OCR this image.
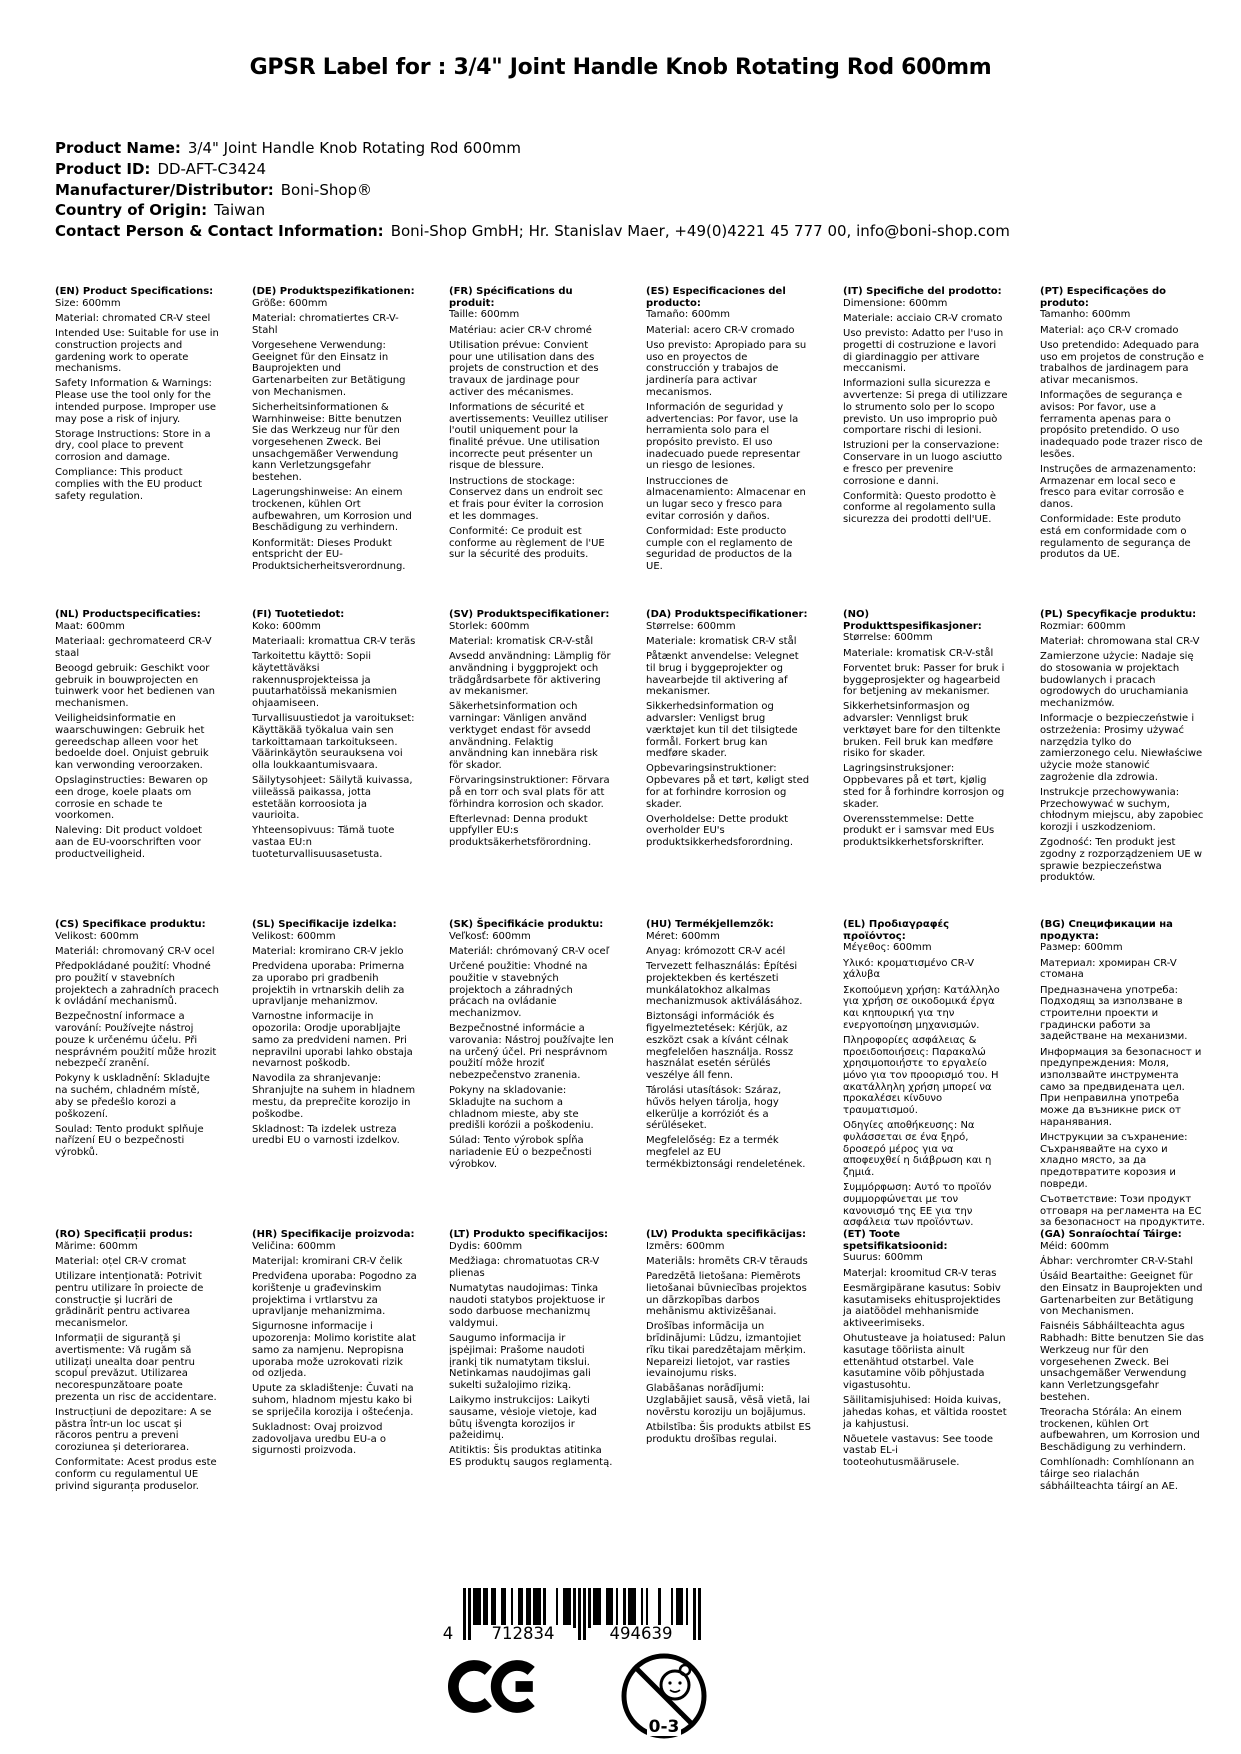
GPSR Label for : 3/4" Joint Handle Knob Rotating Rod 600mm
Product Name: 3/4" Joint Handle Knob Rotating Rod 600mm
Product ID: DD-AFT-C3424
Manufacturer/Distributor: Boni-Shop®
Country of Origin: Taiwan
Contact Person & Contact Information: Boni-Shop GmbH; Hr. Stanislav Maer, +49(0)4221 45 777 00, info@boni-shop.com

(EN) Product Specifications:

Size: 600mm

Material: chromated CR-V steel

Intended Use: Suitable for use in construction projects and gardening work to operate mechanisms.

Safety Information & Warnings: Please use the tool only for the intended purpose. Improper use may pose a risk of injury.

Storage Instructions: Store in a dry, cool place to prevent corrosion and damage.

Compliance: This product complies with the EU product safety regulation.

(DE) Produktspezifikationen:

Größe: 600mm

Material: chromatiertes CR-V-Stahl

Vorgesehene Verwendung: Geeignet für den Einsatz in Bauprojekten und Gartenarbeiten zur Betätigung von Mechanismen.

Sicherheitsinformationen & Warnhinweise: Bitte benutzen Sie das Werkzeug nur für den vorgesehenen Zweck. Bei unsachgemäßer Verwendung kann Verletzungsgefahr bestehen.

Lagerungshinweise: An einem trockenen, kühlen Ort aufbewahren, um Korrosion und Beschädigung zu verhindern.

Konformität: Dieses Produkt entspricht der EU-Produktsicherheitsverordnung.

(FR) Spécifications du produit:

Taille: 600mm

Matériau: acier CR-V chromé

Utilisation prévue: Convient pour une utilisation dans des projets de construction et des travaux de jardinage pour activer des mécanismes.

Informations de sécurité et avertissements: Veuillez utiliser l'outil uniquement pour la finalité prévue. Une utilisation incorrecte peut présenter un risque de blessure.

Instructions de stockage: Conservez dans un endroit sec et frais pour éviter la corrosion et les dommages.

Conformité: Ce produit est conforme au règlement de l'UE sur la sécurité des produits.

(ES) Especificaciones del producto:

Tamaño: 600mm

Material: acero CR-V cromado

Uso previsto: Apropiado para su uso en proyectos de construcción y trabajos de jardinería para activar mecanismos.

Información de seguridad y advertencias: Por favor, use la herramienta solo para el propósito previsto. El uso inadecuado puede representar un riesgo de lesiones.

Instrucciones de almacenamiento: Almacenar en un lugar seco y fresco para evitar corrosión y daños.

Conformidad: Este producto cumple con el reglamento de seguridad de productos de la UE.

(IT) Specifiche del prodotto:

Dimensione: 600mm

Materiale: acciaio CR-V cromato

Uso previsto: Adatto per l'uso in progetti di costruzione e lavori di giardinaggio per attivare meccanismi.

Informazioni sulla sicurezza e avvertenze: Si prega di utilizzare lo strumento solo per lo scopo previsto. Un uso improprio può comportare rischi di lesioni.

Istruzioni per la conservazione: Conservare in un luogo asciutto e fresco per prevenire corrosione e danni.

Conformità: Questo prodotto è conforme al regolamento sulla sicurezza dei prodotti dell'UE.

(PT) Especificações do produto:

Tamanho: 600mm

Material: aço CR-V cromado

Uso pretendido: Adequado para uso em projetos de construção e trabalhos de jardinagem para ativar mecanismos.

Informações de segurança e avisos: Por favor, use a ferramenta apenas para o propósito pretendido. O uso inadequado pode trazer risco de lesões.

Instruções de armazenamento: Armazenar em local seco e fresco para evitar corrosão e danos.

Conformidade: Este produto está em conformidade com o regulamento de segurança de produtos da UE.

(NL) Productspecificaties:

Maat: 600mm

Materiaal: gechromateerd CR-V staal

Beoogd gebruik: Geschikt voor gebruik in bouwprojecten en tuinwerk voor het bedienen van mechanismen.

Veiligheidsinformatie en waarschuwingen: Gebruik het gereedschap alleen voor het bedoelde doel. Onjuist gebruik kan verwonding veroorzaken.

Opslaginstructies: Bewaren op een droge, koele plaats om corrosie en schade te voorkomen.

Naleving: Dit product voldoet aan de EU-voorschriften voor productveiligheid.

(FI) Tuotetiedot:

Koko: 600mm

Materiaali: kromattua CR-V teräs

Tarkoitettu käyttö: Sopii käytettäväksi rakennusprojekteissa ja puutarhatöissä mekanismien ohjaamiseen.

Turvallisuustiedot ja varoitukset: Käyttäkää työkalua vain sen tarkoittamaan tarkoitukseen. Väärinkäytön seurauksena voi olla loukkaantumisvaara.

Säilytysohjeet: Säilytä kuivassa, viileässä paikassa, jotta estetään korroosiota ja vaurioita.

Yhteensopivuus: Tämä tuote vastaa EU:n tuoteturvallisuusasetusta.

(SV) Produktspecifikationer:

Storlek: 600mm

Material: kromatisk CR-V-stål

Avsedd användning: Lämplig för användning i byggprojekt och trädgårdsarbete för aktivering av mekanismer.

Säkerhetsinformation och varningar: Vänligen använd verktyget endast för avsedd användning. Felaktig användning kan innebära risk för skador.

Förvaringsinstruktioner: Förvara på en torr och sval plats för att förhindra korrosion och skador.

Efterlevnad: Denna produkt uppfyller EU:s produktsäkerhetsförordning.

(DA) Produktspecifikationer:

Størrelse: 600mm

Materiale: kromatisk CR-V stål

Påtænkt anvendelse: Velegnet til brug i byggeprojekter og havearbejde til aktivering af mekanismer.

Sikkerhedsinformation og advarsler: Venligst brug værktøjet kun til det tilsigtede formål. Forkert brug kan medføre skader.

Opbevaringsinstruktioner: Opbevares på et tørt, køligt sted for at forhindre korrosion og skader.

Overholdelse: Dette produkt overholder EU's produktsikkerhedsforordning.

(NO) Produkttspesifikasjoner:

Størrelse: 600mm

Materiale: kromatisk CR-V-stål

Forventet bruk: Passer for bruk i byggeprosjekter og hagearbeid for betjening av mekanismer.

Sikkerhetsinformasjon og advarsler: Vennligst bruk verktøyet bare for den tiltenkte bruken. Feil bruk kan medføre risiko for skader.

Lagringsinstruksjoner: Oppbevares på et tørt, kjølig sted for å forhindre korrosjon og skader.

Overensstemmelse: Dette produkt er i samsvar med EUs produktsikkerhetsforskrifter.

(PL) Specyfikacje produktu:

Rozmiar: 600mm

Materiał: chromowana stal CR-V

Zamierzone użycie: Nadaje się do stosowania w projektach budowlanych i pracach ogrodowych do uruchamiania mechanizmów.

Informacje o bezpieczeństwie i ostrzeżenia: Prosimy używać narzędzia tylko do zamierzonego celu. Niewłaściwe użycie może stanowić zagrożenie dla zdrowia.

Instrukcje przechowywania: Przechowywać w suchym, chłodnym miejscu, aby zapobiec korozji i uszkodzeniom.

Zgodność: Ten produkt jest zgodny z rozporządzeniem UE w sprawie bezpieczeństwa produktów.

(CS) Specifikace produktu:

Velikost: 600mm

Materiál: chromovaný CR-V ocel

Předpokládané použití: Vhodné pro použití v stavebních projektech a zahradních pracech k ovládání mechanismů.

Bezpečnostní informace a varování: Používejte nástroj pouze k určenému účelu. Při nesprávném použití může hrozit nebezpečí zranění.

Pokyny k uskladnění: Skladujte na suchém, chladném místě, aby se předešlo korozi a poškození.

Soulad: Tento produkt splňuje nařízení EU o bezpečnosti výrobků.

(SL) Specifikacije izdelka:

Velikost: 600mm

Material: kromirano CR-V jeklo

Predvidena uporaba: Primerna za uporabo pri gradbenih projektih in vrtnarskih delih za upravljanje mehanizmov.

Varnostne informacije in opozorila: Orodje uporabljajte samo za predvideni namen. Pri nepravilni uporabi lahko obstaja nevarnost poškodb.

Navodila za shranjevanje: Shranjujte na suhem in hladnem mestu, da preprečite korozijo in poškodbe.

Skladnost: Ta izdelek ustreza uredbi EU o varnosti izdelkov.

(SK) Špecifikácie produktu:

Veľkosť: 600mm

Materiál: chrómovaný CR-V oceľ

Určené použitie: Vhodné na použitie v stavebných projektoch a záhradných prácach na ovládanie mechanizmov.

Bezpečnostné informácie a varovania: Nástroj používajte len na určený účel. Pri nesprávnom použití môže hroziť nebezpečenstvo zranenia.

Pokyny na skladovanie: Skladujte na suchom a chladnom mieste, aby ste predišli korózii a poškodeniu.

Súlad: Tento výrobok spĺňa nariadenie EÚ o bezpečnosti výrobkov.

(HU) Termékjellemzők:

Méret: 600mm

Anyag: krómozott CR-V acél

Tervezett felhasználás: Építési projektekben és kertészeti munkálatokhoz alkalmas mechanizmusok aktiválásához.

Biztonsági információk és figyelmeztetések: Kérjük, az eszközt csak a kívánt célnak megfelelően használja. Rossz használat esetén sérülés veszélye áll fenn.

Tárolási utasítások: Száraz, hűvös helyen tárolja, hogy elkerülje a korróziót és a sérüléseket.

Megfelelőség: Ez a termék megfelel az EU termékbiztonsági rendeletének.

(EL) Προδιαγραφές προϊόντος:

Μέγεθος: 600mm

Υλικό: κροματισμένο CR-V χάλυβα

Σκοπούμενη χρήση: Κατάλληλο για χρήση σε οικοδομικά έργα και κηπουρική για την ενεργοποίηση μηχανισμών.

Πληροφορίες ασφάλειας & προειδοποιήσεις: Παρακαλώ χρησιμοποιήστε το εργαλείο μόνο για τον προορισμό του. Η ακατάλληλη χρήση μπορεί να προκαλέσει κίνδυνο τραυματισμού.

Οδηγίες αποθήκευσης: Να φυλάσσεται σε ένα ξηρό, δροσερό μέρος για να αποφευχθεί η διάβρωση και η ζημιά.

Συμμόρφωση: Αυτό το προϊόν συμμορφώνεται με τον κανονισμό της ΕΕ για την ασφάλεια των προϊόντων.

(BG) Спецификации на продукта:

Размер: 600mm

Материал: хромиран CR-V стомана

Предназначена употреба: Подходящ за използване в строителни проекти и градински работи за задействане на механизми.

Информация за безопасност и предупреждения: Моля, използвайте инструмента само за предвидената цел. При неправилна употреба може да възникне риск от наранявания.

Инструкции за съхранение: Съхранявайте на сухо и хладно място, за да предотвратите корозия и повреди.

Съответствие: Този продукт отговаря на регламента на ЕС за безопасност на продуктите.

(RO) Specificații produs:

Mărime: 600mm

Material: oțel CR-V cromat

Utilizare intenționată: Potrivit pentru utilizare în proiecte de construcție și lucrări de grădinărit pentru activarea mecanismelor.

Informații de siguranță și avertismente: Vă rugăm să utilizați unealta doar pentru scopul prevăzut. Utilizarea necorespunzătoare poate prezenta un risc de accidentare.

Instrucțiuni de depozitare: A se păstra într-un loc uscat și răcoros pentru a preveni coroziunea și deteriorarea.

Conformitate: Acest produs este conform cu regulamentul UE privind siguranța produselor.

(HR) Specifikacije proizvoda:

Veličina: 600mm

Materijal: kromirani CR-V čelik

Predviđena uporaba: Pogodno za korištenje u građevinskim projektima i vrtlarstvu za upravljanje mehanizmima.

Sigurnosne informacije i upozorenja: Molimo koristite alat samo za namjenu. Nepropisna uporaba može uzrokovati rizik od ozljeda.

Upute za skladištenje: Čuvati na suhom, hladnom mjestu kako bi se spriječila korozija i oštećenja.

Sukladnost: Ovaj proizvod zadovoljava uredbu EU-a o sigurnosti proizvoda.

(LT) Produkto specifikacijos:

Dydis: 600mm

Medžiaga: chromatuotas CR-V plienas

Numatytas naudojimas: Tinka naudoti statybos projektuose ir sodo darbuose mechanizmų valdymui.

Saugumo informacija ir įspėjimai: Prašome naudoti įrankį tik numatytam tikslui. Netinkamas naudojimas gali sukelti sužalojimo riziką.

Laikymo instrukcijos: Laikyti sausame, vėsioje vietoje, kad būtų išvengta korozijos ir pažeidimų.

Atitiktis: Šis produktas atitinka ES produktų saugos reglamentą.

(LV) Produkta specifikācijas:

Izmērs: 600mm

Materiāls: hromēts CR-V tērauds

Paredzētā lietošana: Piemērots lietošanai būvniecības projektos un dārzkopības darbos mehānismu aktivizēšanai.

Drošības informācija un brīdinājumi: Lūdzu, izmantojiet rīku tikai paredzētajam mērķim. Nepareizi lietojot, var rasties ievainojumu risks.

Glabāšanas norādījumi: Uzglabājiet sausā, vēsā vietā, lai novērstu koroziju un bojājumus.

Atbilstība: Šis produkts atbilst ES produktu drošības regulai.

(ET) Toote spetsifikatsioonid:

Suurus: 600mm

Materjal: kroomitud CR-V teras

Eesmärgipärane kasutus: Sobiv kasutamiseks ehitusprojektides ja aiatöödel mehhanismide aktiveerimiseks.

Ohutusteave ja hoiatused: Palun kasutage tööriista ainult ettenähtud otstarbel. Vale kasutamine võib põhjustada vigastusohtu.

Säilitamisjuhised: Hoida kuivas, jahedas kohas, et vältida roostet ja kahjustusi.

Nõuetele vastavus: See toode vastab EL-i tooteohutusmäärusele.

(GA) Sonraíochtaí Táirge:

Méid: 600mm

Ábhar: verchromter CR-V-Stahl

Úsáid Beartaithe: Geeignet für den Einsatz in Bauprojekten und Gartenarbeiten zur Betätigung von Mechanismen.

Faisnéis Sábháilteachta agus Rabhadh: Bitte benutzen Sie das Werkzeug nur für den vorgesehenen Zweck. Bei unsachgemäßer Verwendung kann Verletzungsgefahr bestehen.

Treoracha Stórála: An einem trockenen, kühlen Ort aufbewahren, um Korrosion und Beschädigung zu verhindern.

Comhlíonadh: Comhlíonann an táirge seo rialachán sábháilteachta táirgí an AE.

4	712834	494639
0-3
